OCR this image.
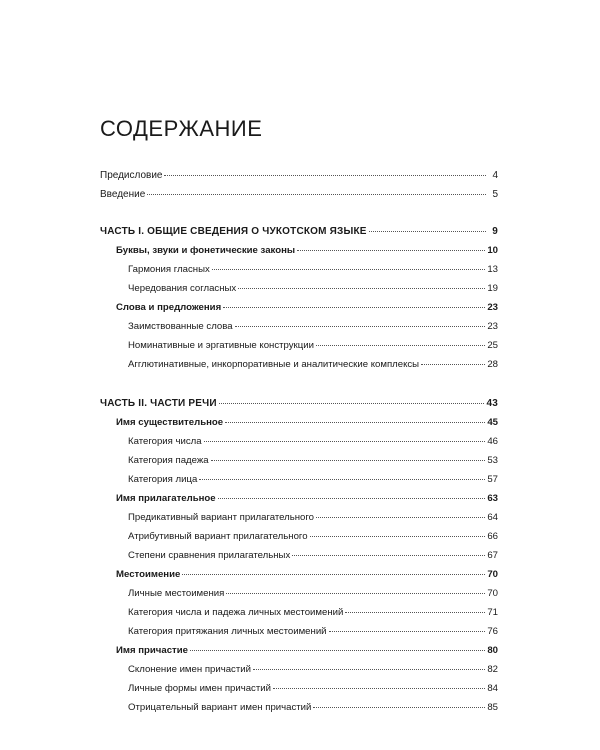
СОДЕРЖАНИЕ
Предисловие	4
Введение	5
ЧАСТЬ I. ОБЩИЕ СВЕДЕНИЯ О ЧУКОТСКОМ ЯЗЫКЕ	9
Буквы, звуки и фонетические законы	10
Гармония гласных	13
Чередования согласных	19
Слова и предложения	23
Заимствованные слова	23
Номинативные и эргативные конструкции	25
Агглютинативные, инкорпоративные и аналитические комплексы	28
ЧАСТЬ II. ЧАСТИ РЕЧИ	43
Имя существительное	45
Категория числа	46
Категория падежа	53
Категория лица	57
Имя прилагательное	63
Предикативный вариант прилагательного	64
Атрибутивный вариант прилагательного	66
Степени сравнения прилагательных	67
Местоимение	70
Личные местоимения	70
Категория числа и падежа личных местоимений	71
Категория притяжания личных местоимений	76
Имя причастие	80
Склонение имен причастий	82
Личные формы имен причастий	84
Отрицательный вариант имен причастий	85
